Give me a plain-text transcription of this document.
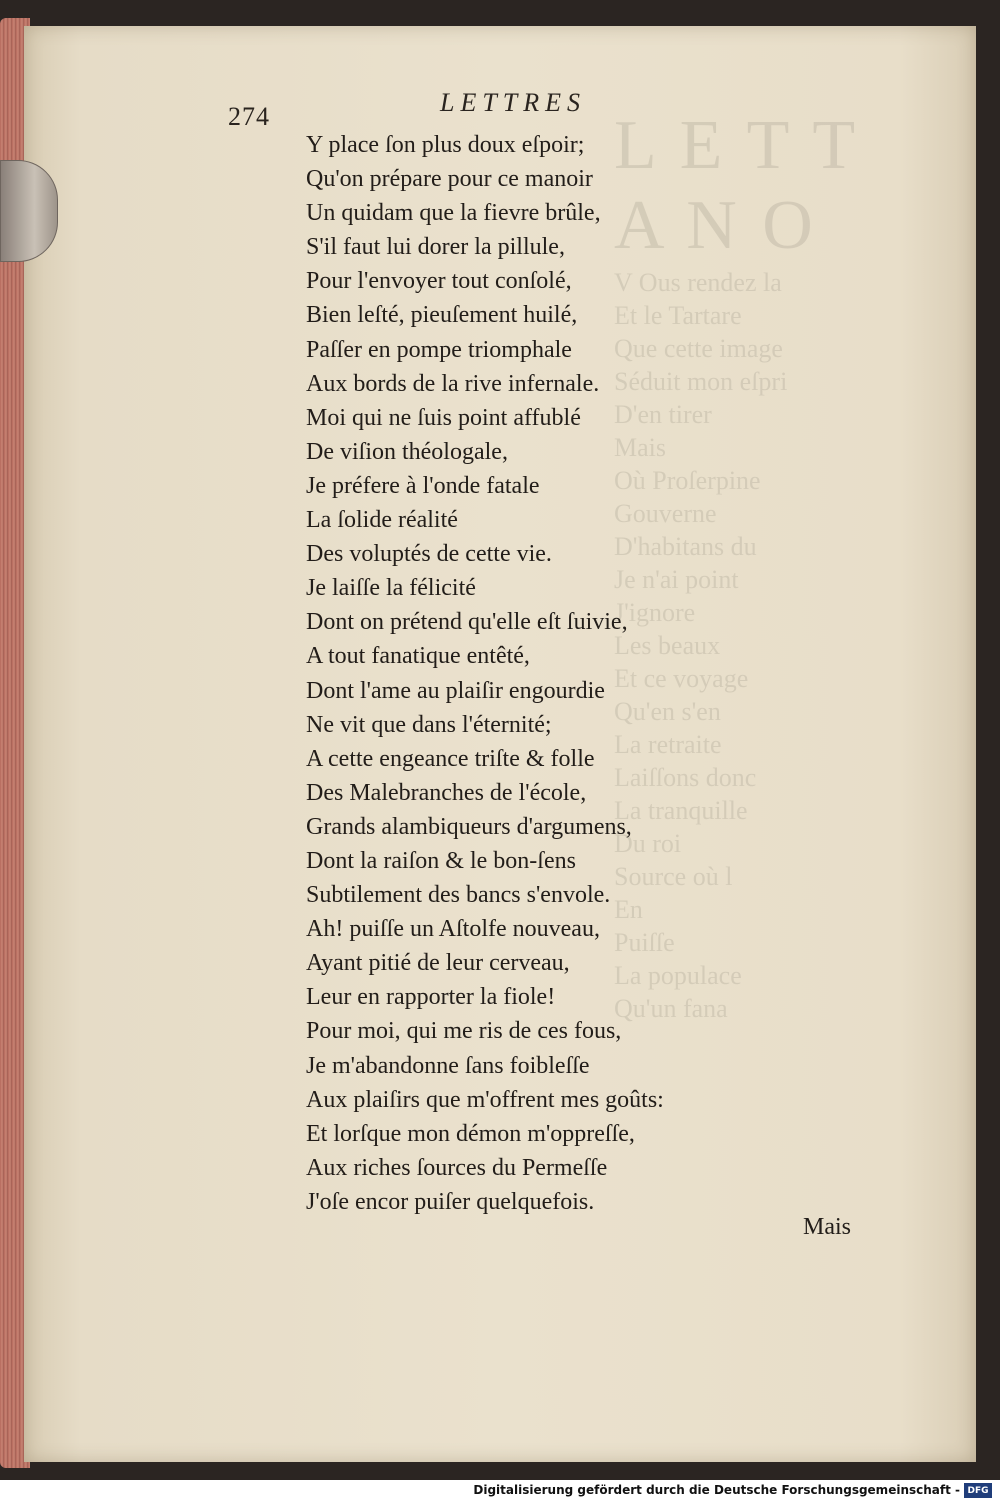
L E T T
A N O
V Ous rendez la
Et le Tartare
Que cette image
Séduit mon eſpri
D'en tirer
Mais
Où Proſerpine
Gouverne
D'habitans du
Je n'ai point
J'ignore
Les beaux
Et ce voyage
Qu'en s'en
La retraite
Laiſſons donc
La tranquille
Du roi
Source où l
En
Puiſſe
La populace
Qu'un fana
274	LETTRES
Y place ſon plus doux eſpoir;
Qu'on prépare pour ce manoir
Un quidam que la fievre brûle,
S'il faut lui dorer la pillule,
Pour l'envoyer tout conſolé,
Bien leſté, pieuſement huilé,
Paſſer en pompe triomphale
Aux bords de la rive infernale.
Moi qui ne ſuis point affublé
De viſion théologale,
Je préfere à l'onde fatale
La ſolide réalité
Des voluptés de cette vie.
Je laiſſe la félicité
Dont on prétend qu'elle eſt ſuivie,
A tout fanatique entêté,
Dont l'ame au plaiſir engourdie
Ne vit que dans l'éternité;
A cette engeance triſte & folle
Des Malebranches de l'école,
Grands alambiqueurs d'argumens,
Dont la raiſon & le bon-ſens
Subtilement des bancs s'envole.
Ah! puiſſe un Aſtolfe nouveau,
Ayant pitié de leur cerveau,
Leur en rapporter la fiole!
Pour moi, qui me ris de ces fous,
Je m'abandonne ſans foibleſſe
Aux plaiſirs que m'offrent mes goûts:
Et lorſque mon démon m'oppreſſe,
Aux riches ſources du Permeſſe
J'oſe encor puiſer quelquefois.
Mais
Digitalisierung gefördert durch die Deutsche Forschungsgemeinschaft - DFG
